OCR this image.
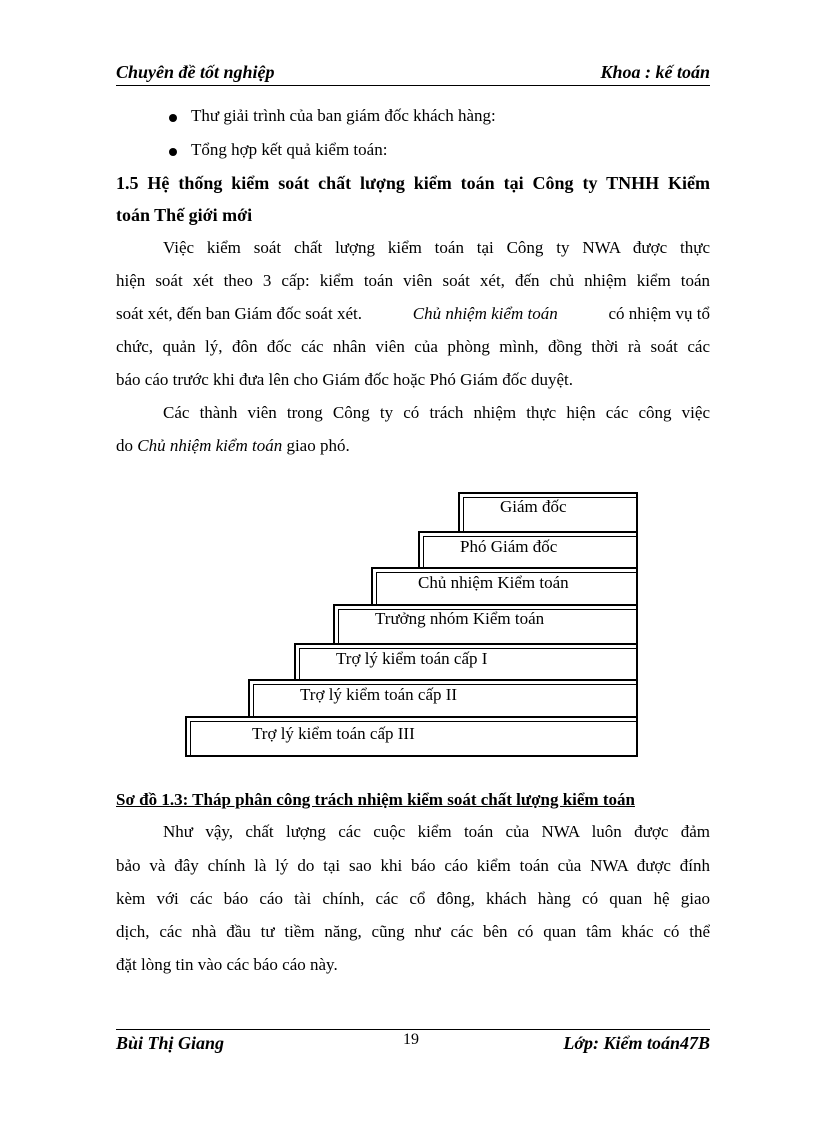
Chuyên đề tốt nghiệp	Khoa : kế toán
Thư giải trình của ban giám đốc khách hàng:
Tổng hợp kết quả kiểm toán:
1.5 Hệ thống kiểm soát chất lượng kiểm toán tại Công ty TNHH Kiểm
toán Thế giới mới
Việc kiểm soát chất lượng kiểm toán tại Công ty NWA được thực
hiện soát xét theo 3 cấp: kiểm toán viên soát xét, đến chủ nhiệm kiểm toán
soát xét, đến ban Giám đốc soát xét.	Chủ nhiệm kiểm toán	có nhiệm vụ tổ
chức, quản lý, đôn đốc các nhân viên của phòng mình, đồng thời rà soát các
báo cáo trước khi đưa lên cho Giám đốc hoặc Phó Giám đốc duyệt.
Các thành viên trong Công ty có trách nhiệm thực hiện các công việc
do Chủ nhiệm kiểm toán giao phó.
Trợ lý kiểm toán cấp III
Trợ lý kiểm toán cấp II
Trợ lý kiểm toán cấp I
Trưởng nhóm Kiểm toán
Chủ nhiệm Kiểm toán
Phó Giám đốc
Giám đốc
Sơ đồ 1.3: Tháp phân công trách nhiệm kiểm soát chất lượng kiểm toán
Như vậy, chất lượng các cuộc kiểm toán của NWA luôn được đảm
bảo và đây chính là lý do tại sao khi báo cáo kiểm toán của NWA được đính
kèm với các báo cáo tài chính, các cổ đông, khách hàng có quan hệ giao
dịch, các nhà đầu tư tiềm năng, cũng như các bên có quan tâm khác có thể
đặt lòng tin vào các báo cáo này.
Bùi Thị Giang	19	Lớp: Kiểm toán47B
